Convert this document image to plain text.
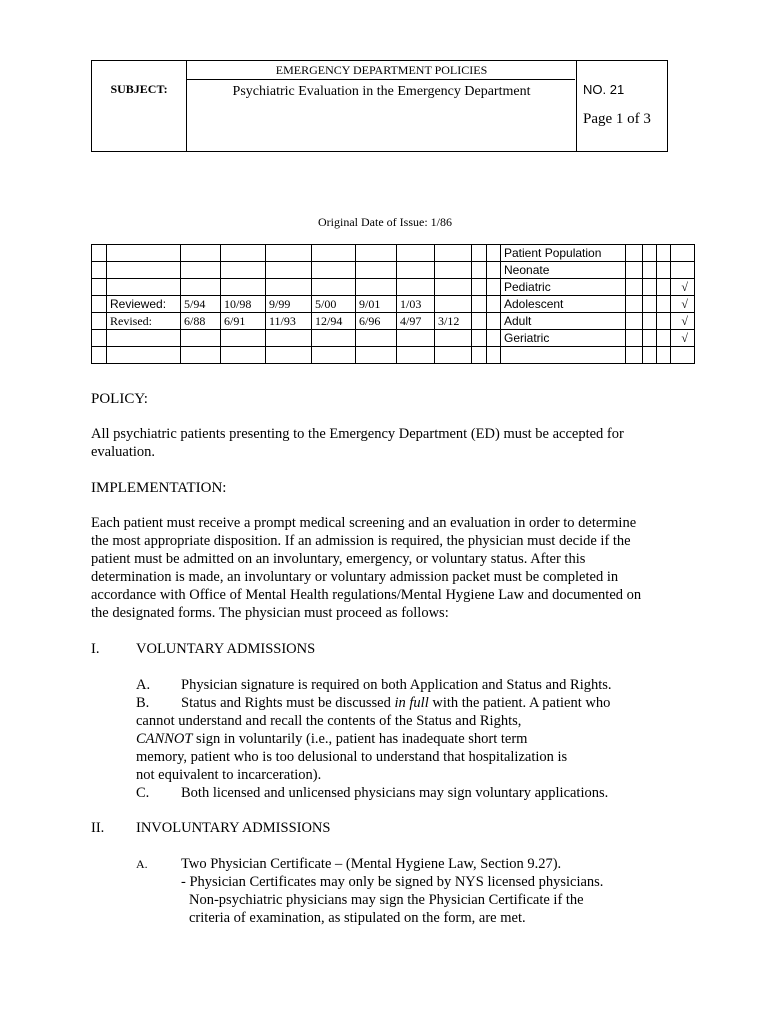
EMERGENCY DEPARTMENT POLICIES
SUBJECT:	Psychiatric Evaluation in the Emergency Department	NO. 21
Page 1 of 3
Original Date of Issue: 1/86
											Patient Population				
											Neonate				
											Pediatric				√
	Reviewed:	5/94	10/98	9/99	5/00	9/01	1/03				Adolescent				√
	Revised:	6/88	6/91	11/93	12/94	6/96	4/97	3/12			Adult				√
											Geriatric				√

POLICY:
All psychiatric patients presenting to the Emergency Department (ED) must be accepted for
evaluation.
IMPLEMENTATION:
Each patient must receive a prompt medical screening and an evaluation in order to determine
the most appropriate disposition. If an admission is required, the physician must decide if the
patient must be admitted on an involuntary, emergency, or voluntary status. After this
determination is made, an involuntary or voluntary admission packet must be completed in
accordance with Office of Mental Health regulations/Mental Hygiene Law and documented on
the designated forms. The physician must proceed as follows:
I.	VOLUNTARY ADMISSIONS
A. Physician signature is required on both Application and Status and Rights.
B. Status and Rights must be discussed in full with the patient. A patient who
cannot understand and recall the contents of the Status and Rights,
CANNOT sign in voluntarily (i.e., patient has inadequate short term
memory, patient who is too delusional to understand that hospitalization is
not equivalent to incarceration).
C. Both licensed and unlicensed physicians may sign voluntary applications.
II. INVOLUNTARY ADMISSIONS
A. Two Physician Certificate – (Mental Hygiene Law, Section 9.27).
- Physician Certificates may only be signed by NYS licensed physicians.
Non-psychiatric physicians may sign the Physician Certificate if the
criteria of examination, as stipulated on the form, are met.
